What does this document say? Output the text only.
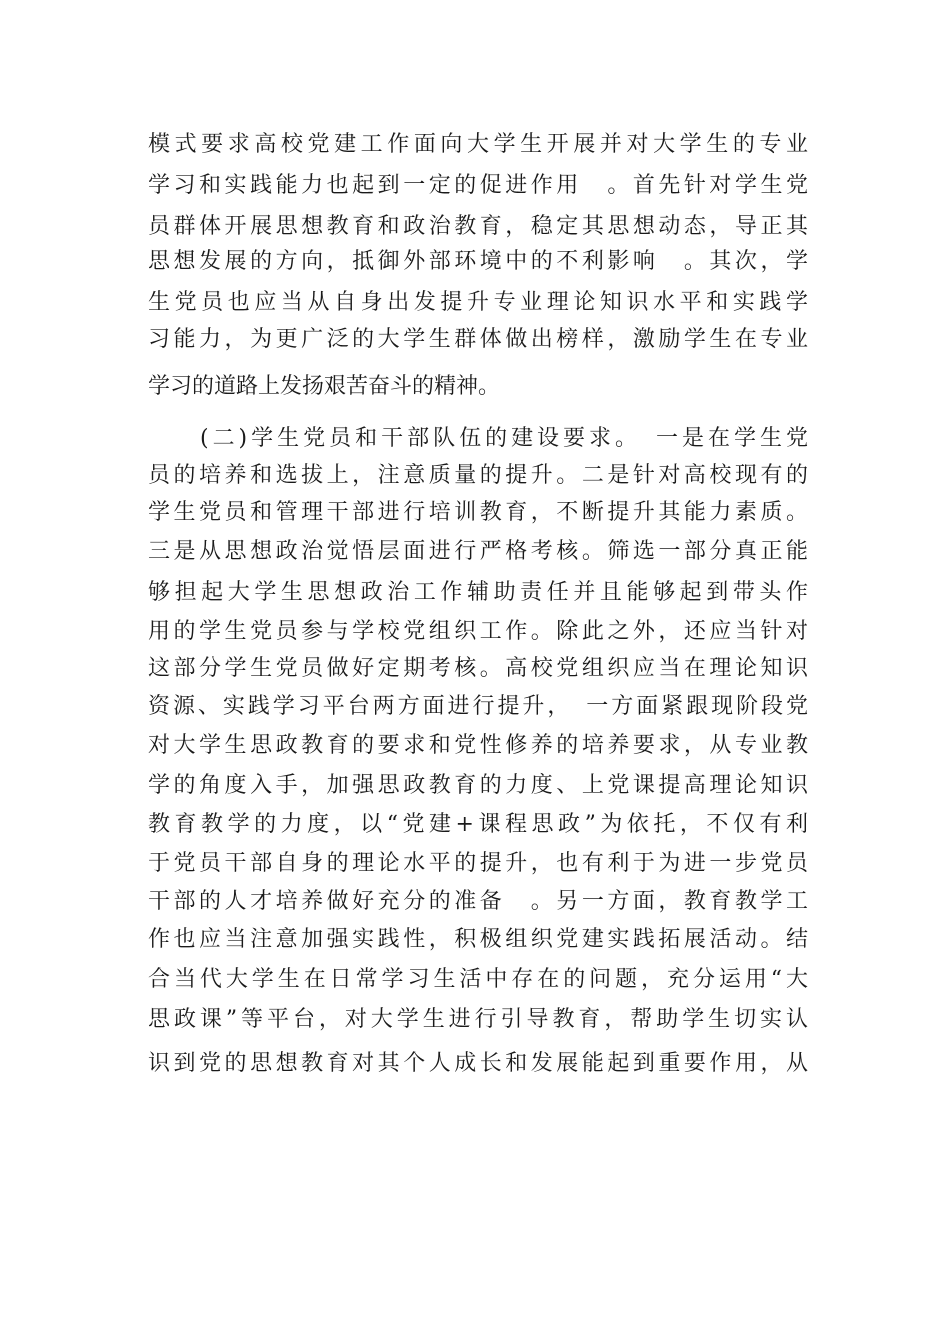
模式要求高校党建工作面向大学生开展并对大学生的专业
学习和实践能力也起到一定的促进作用　。首先针对学生党
员群体开展思想教育和政治教育，稳定其思想动态，导正其
思想发展的方向，抵御外部环境中的不利影响　。其次，学
生党员也应当从自身出发提升专业理论知识水平和实践学
习能力，为更广泛的大学生群体做出榜样，激励学生在专业
学习的道路上发扬艰苦奋斗的精神。
　　(二)学生党员和干部队伍的建设要求。　一是在学生党
员的培养和选拔上，注意质量的提升。二是针对高校现有的
学生党员和管理干部进行培训教育，不断提升其能力素质。
三是从思想政治觉悟层面进行严格考核。筛选一部分真正能
够担起大学生思想政治工作辅助责任并且能够起到带头作
用的学生党员参与学校党组织工作。除此之外，还应当针对
这部分学生党员做好定期考核。高校党组织应当在理论知识
资源、实践学习平台两方面进行提升，　一方面紧跟现阶段党
对大学生思政教育的要求和党性修养的培养要求，从专业教
学的角度入手，加强思政教育的力度、上党课提高理论知识
教育教学的力度，以“党建+课程思政”为依托，不仅有利
于党员干部自身的理论水平的提升，也有利于为进一步党员
干部的人才培养做好充分的准备　。另一方面，教育教学工
作也应当注意加强实践性，积极组织党建实践拓展活动。结
合当代大学生在日常学习生活中存在的问题，充分运用“大
思政课”等平台，对大学生进行引导教育，帮助学生切实认
识到党的思想教育对其个人成长和发展能起到重要作用，从
